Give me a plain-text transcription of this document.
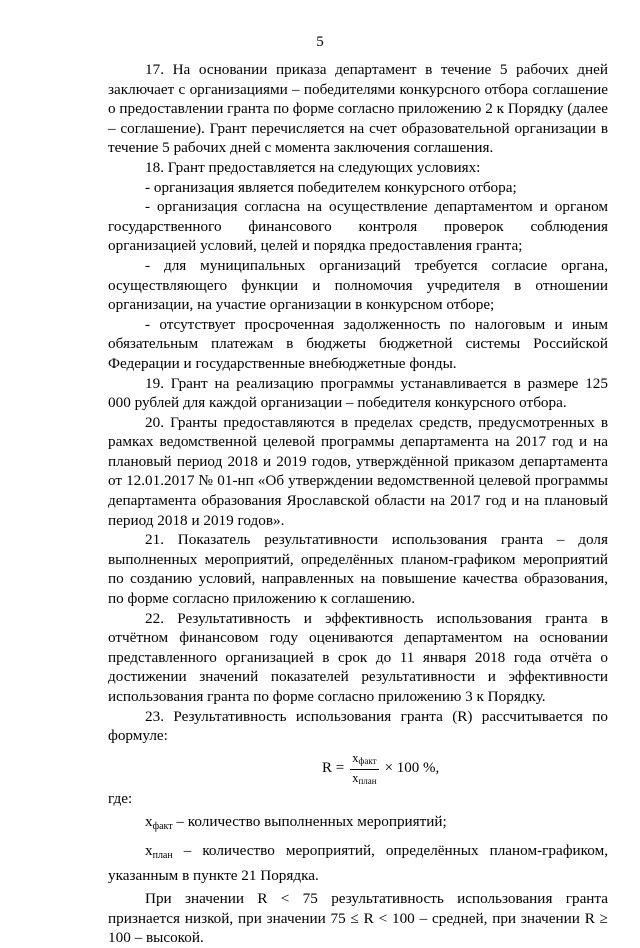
5

17. На основании приказа департамент в течение 5 рабочих дней заключает с организациями – победителями конкурсного отбора соглашение о предоставлении гранта по форме согласно приложению 2 к Порядку (далее – соглашение). Грант перечисляется на счет образовательной организации в течение 5 рабочих дней с момента заключения соглашения.

18. Грант предоставляется на следующих условиях:

- организация является победителем конкурсного отбора;

- организация согласна на осуществление департаментом и органом государственного финансового контроля проверок соблюдения организацией условий, целей и порядка предоставления гранта;

- для муниципальных организаций требуется согласие органа, осуществляющего функции и полномочия учредителя в отношении организации, на участие организации в конкурсном отборе;

- отсутствует просроченная задолженность по налоговым и иным обязательным платежам в бюджеты бюджетной системы Российской Федерации и государственные внебюджетные фонды.

19. Грант на реализацию программы устанавливается в размере 125 000 рублей для каждой организации – победителя конкурсного отбора.

20. Гранты предоставляются в пределах средств, предусмотренных в рамках ведомственной целевой программы департамента на 2017 год и на плановый период 2018 и 2019 годов, утверждённой приказом департамента от 12.01.2017 № 01-нп «Об утверждении ведомственной целевой программы департамента образования Ярославской области на 2017 год и на плановый период 2018 и 2019 годов».

21. Показатель результативности использования гранта – доля выполненных мероприятий, определённых планом-графиком мероприятий по созданию условий, направленных на повышение качества образования, по форме согласно приложению к соглашению.

22. Результативность и эффективность использования гранта в отчётном финансовом году оцениваются департаментом на основании представленного организацией в срок до 11 января 2018 года отчёта о достижении значений показателей результативности и эффективности использования гранта по форме согласно приложению 3 к Порядку.

23. Результативность использования гранта (R) рассчитывается по формуле:

$R = \frac{x_{факт}}{x_{план}} \times 100$ %,

где:

$x_{факт}$ – количество выполненных мероприятий;

$x_{план}$ – количество мероприятий, определённых планом-графиком, указанным в пункте 21 Порядка.

При значении R < 75 результативность использования гранта признается низкой, при значении 75 ≤ R < 100 – средней, при значении R ≥ 100 – высокой.
